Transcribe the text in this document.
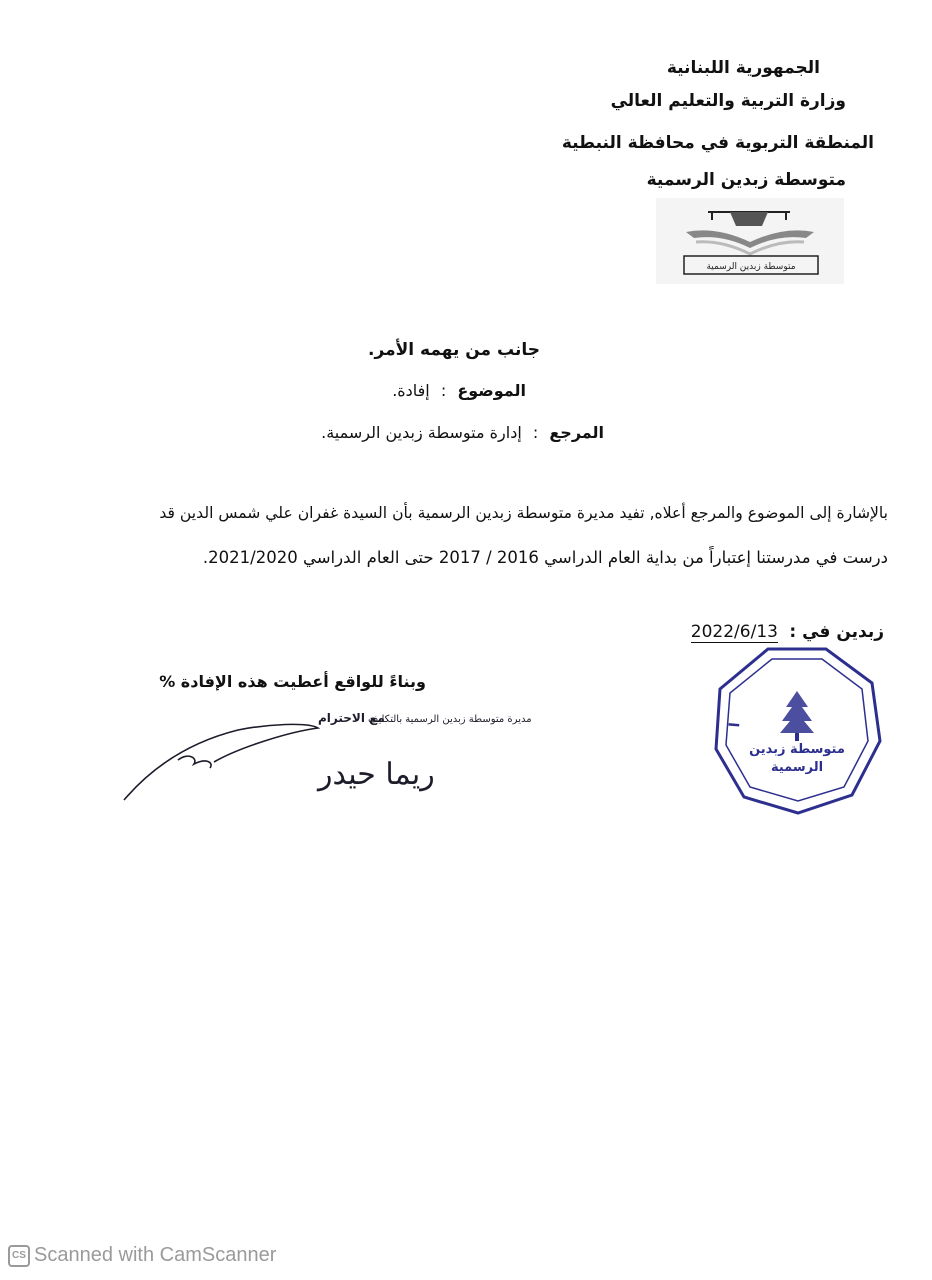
الجمهورية اللبنانية
وزارة التربية والتعليم العالي
المنطقة التربوية في محافظة النبطية
متوسطة زبدين الرسمية
متوسطة زبدين الرسمية
جانب من يهمه الأمر.
الموضوع : إفادة.
المرجع : إدارة متوسطة زبدين الرسمية.
بالإشارة إلى الموضوع والمرجع أعلاه, تفيد مديرة متوسطة زبدين الرسمية بأن السيدة غفران علي شمس الدين قد
درست في مدرستنا إعتباراً من بداية العام الدراسي 2016 / 2017 حتى العام الدراسي 2021/2020.
زبدين في : 2022/6/13
وبناءً للواقع أعطيت هذه الإفادة %
مديرة متوسطة زبدين الرسمية بالتكليف
مع الاحترام
ريما حيدر
ا
متوسطة زبدين
الرسمية
CS Scanned with CamScanner
